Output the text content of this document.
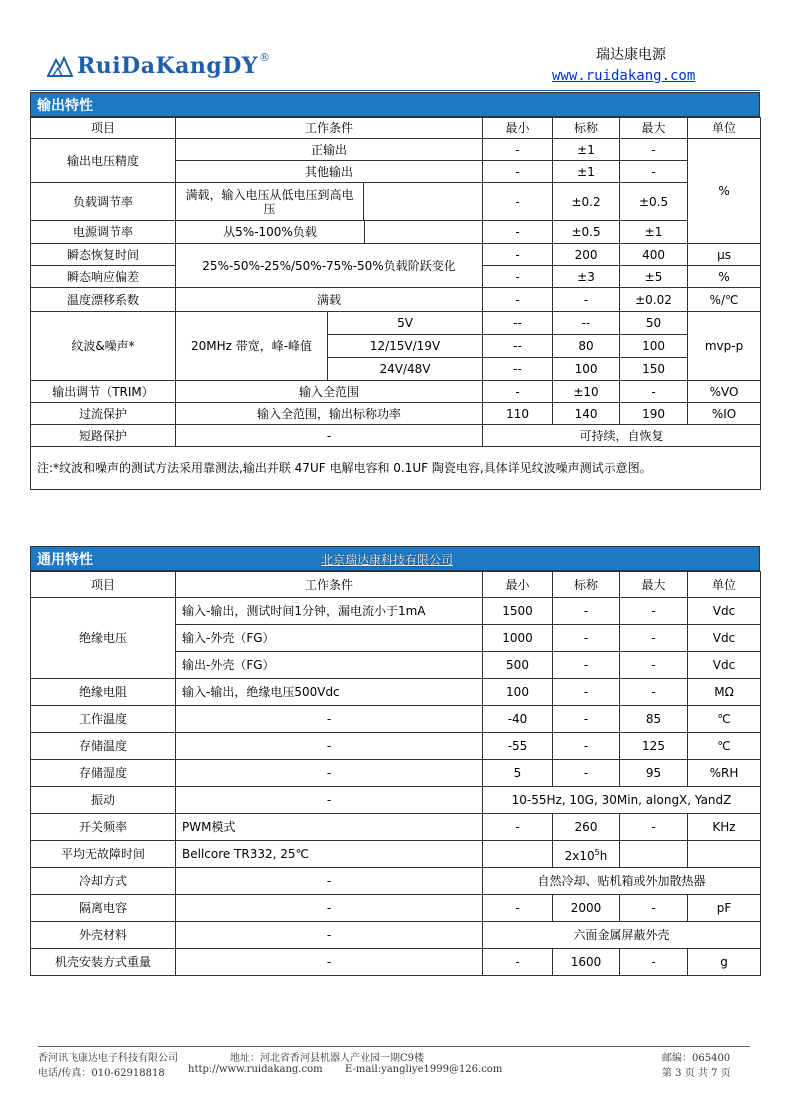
RuiDaKangDY ®	瑞达康电源
www.ruidakang.com
输出特性
项目	工作条件		最小	标称	最大	单位
输出电压精度	正输出		-	±1	-	%
	其他输出		-	±1	-	
负载调节率	满载，输入电压从低电压到高电压		-	±0.2	±0.5	
电源调节率	从5%-100%负载		-	±0.5	±1	
瞬态恢复时间	25%-50%-25%/50%-75%-50%负载阶跃变化		-	200	400	μs
瞬态响应偏差			-	±3	±5	%
温度漂移系数	满载		-	-	±0.02	%/℃
纹波&噪声*	20MHz 带宽，峰-峰值	5V	--	--	50	mvp-p
		12/15V/19V	--	80	100	
		24V/48V	--	100	150	
输出调节（TRIM）	输入全范围		-	±10	-	%VO
过流保护	输入全范围，输出标称功率		110	140	190	%IO
短路保护	-		可持续，自恢复			
注:*纹波和噪声的测试方法采用靠测法,输出并联 47UF 电解电容和 0.1UF 陶瓷电容,具体详见纹波噪声测试示意图。						
通用特性	北京瑞达康科技有限公司
项目	工作条件	最小	标称	最大	单位
绝缘电压	输入-输出，测试时间1分钟，漏电流小于1mA	1500	-	-	Vdc
	输入-外壳（FG）	1000	-	-	Vdc
	输出-外壳（FG）	500	-	-	Vdc
绝缘电阻	输入-输出，绝缘电压500Vdc	100	-	-	MΩ
工作温度	-	-40	-	85	℃
存储温度	-	-55	-	125	℃
存储湿度	-	5	-	95	%RH
振动	-	10-55Hz, 10G, 30Min, alongX, YandZ			
开关频率	PWM模式	-	260	-	KHz
平均无故障时间	Bellcore TR332, 25℃		$2x10^5h$		
冷却方式	-	自然冷却、贴机箱或外加散热器			
隔离电容	-	-	2000	-	pF
外壳材料	-	六面金属屏蔽外壳			
机壳安装方式重量	-	-	1600	-	g
香河讯飞康达电子科技有限公司	地址：河北省香河县机器人产业园一期C9楼	邮编：065400
电话/传真：010-62918818 http://www.ruidakang.com E-mail:yangliye1999@126.com	第 3 页 共 7 页
